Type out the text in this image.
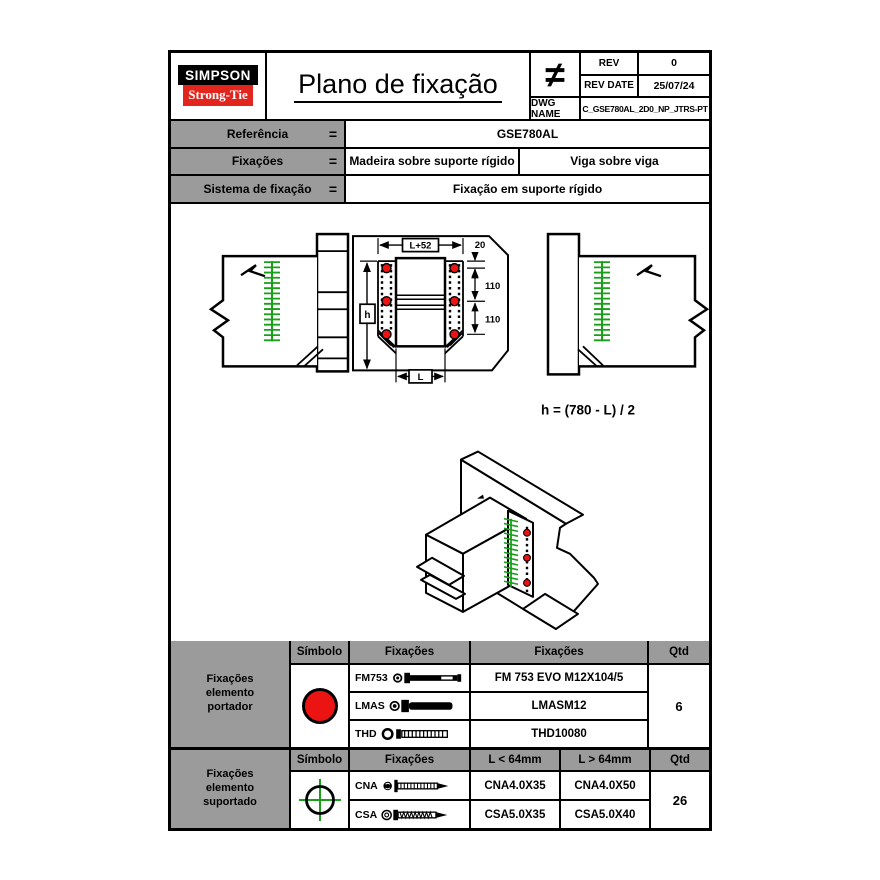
SIMPSON
Strong-Tie Plano de fixação ≠	REV	0
REV DATE	25/07/24
DWG NAME	C_GSE780AL_2D0_NP_JTRS-PT
Referência	=	GSE780AL
Fixações	= Madeira sobre suporte rígido	Viga sobre viga
Sistema de fixação =	Fixação em suporte rígido
L+52	20
110
110
h
L
h = (780 - L) / 2
Fixações
elemento
portador
Símbolo	Fixações	Fixações	Qtd
FM753	FM 753 EVO M12X104/5
LMAS	LMASM12
THD	THD10080
6
Fixações
elemento
suportado
Símbolo	Fixações	L < 64mm	L > 64mm	Qtd
CNA	CNA4.0X35	CNA4.0X50
CSA	CSA5.0X35	CSA5.0X40
26
